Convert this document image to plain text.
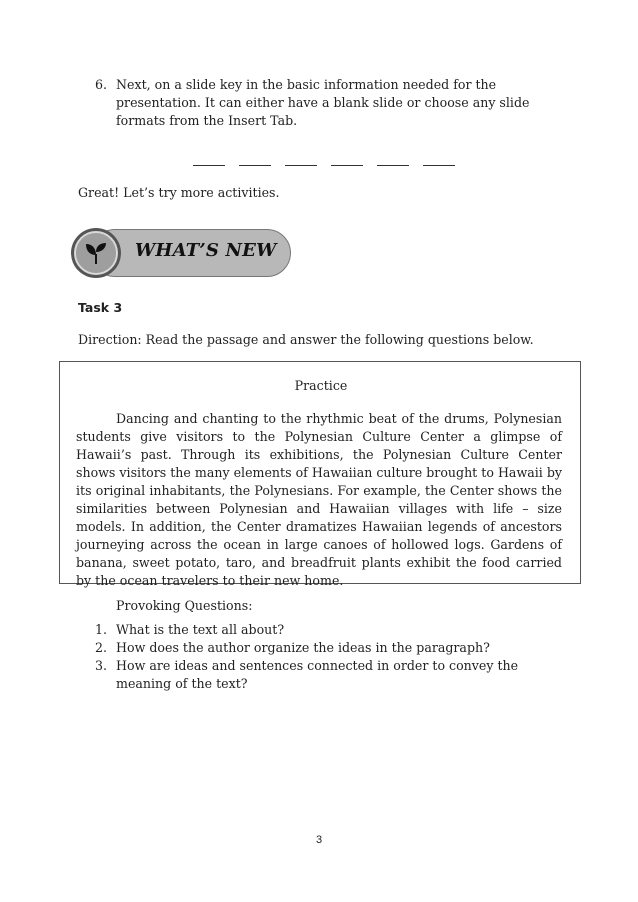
6. Next, on a slide key in the basic information needed for the
presentation. It can either have a blank slide or choose any slide
formats from the Insert Tab.
Great! Let’s try more activities.
WHAT’S NEW
Task 3
Direction: Read the passage and answer the following questions below.
Practice
Dancing and chanting to the rhythmic beat of the drums, Polynesian students give visitors to the Polynesian Culture Center a glimpse of Hawaii’s past. Through its exhibitions, the Polynesian Culture Center shows visitors the many elements of Hawaiian culture brought to Hawaii by its original inhabitants, the Polynesians. For example, the Center shows the similarities between Polynesian and Hawaiian villages with life – size models. In addition, the Center dramatizes Hawaiian legends of ancestors journeying across the ocean in large canoes of hollowed logs. Gardens of banana, sweet potato, taro, and breadfruit plants exhibit the food carried by the ocean travelers to their new home.
Provoking Questions:
1. What is the text all about?
2. How does the author organize the ideas in the paragraph?
3. How are ideas and sentences connected in order to convey the
meaning of the text?
3
